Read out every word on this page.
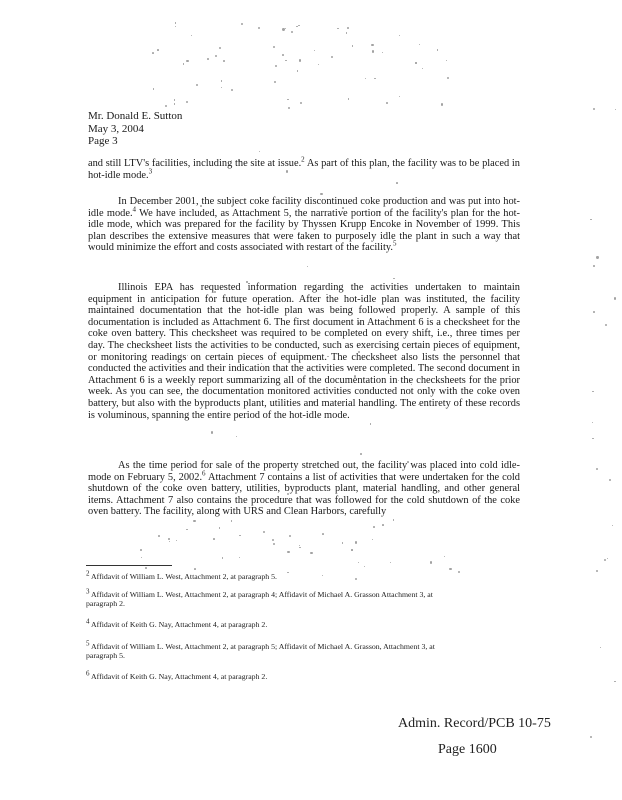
Mr. Donald E. Sutton
May 3, 2004
Page 3

and still LTV's facilities, including the site at issue.$^2$ As part of this plan, the facility was to be placed in hot-idle mode.$^3$

In December 2001, the subject coke facility discontinued coke production and was put into hot-idle mode.$^4$ We have included, as Attachment 5, the narrative portion of the facility's plan for the hot-idle mode, which was prepared for the facility by Thyssen Krupp Encoke in November of 1999. This plan describes the extensive measures that were taken to purposely idle the plant in such a way that would minimize the effort and costs associated with restart of the facility.$^5$

Illinois EPA has requested information regarding the activities undertaken to maintain equipment in anticipation for future operation. After the hot-idle plan was instituted, the facility maintained documentation that the hot-idle plan was being followed properly. A sample of this documentation is included as Attachment 6. The first document in Attachment 6 is a checksheet for the coke oven battery. This checksheet was required to be completed on every shift, i.e., three times per day. The checksheet lists the activities to be conducted, such as exercising certain pieces of equipment, or monitoring readings on certain pieces of equipment. The checksheet also lists the personnel that conducted the activities and their indication that the activities were completed. The second document in Attachment 6 is a weekly report summarizing all of the documentation in the checksheets for the prior week. As you can see, the documentation monitored activities conducted not only with the coke oven battery, but also with the byproducts plant, utilities and material handling. The entirety of these records is voluminous, spanning the entire period of the hot-idle mode.

As the time period for sale of the property stretched out, the facility was placed into cold idle-mode on February 5, 2002.$^6$ Attachment 7 contains a list of activities that were undertaken for the cold shutdown of the coke oven battery, utilities, byproducts plant, material handling, and other general items. Attachment 7 also contains the procedure that was followed for the cold shutdown of the coke oven battery. The facility, along with URS and Clean Harbors, carefully

$^2$ Affidavit of William L. West, Attachment 2, at paragraph 5.
$^3$ Affidavit of William L. West, Attachment 2, at paragraph 4; Affidavit of Michael A. Grasson Attachment 3, at paragraph 2.
$^4$ Affidavit of Keith G. Nay, Attachment 4, at paragraph 2.
$^5$ Affidavit of William L. West, Attachment 2, at paragraph 5; Affidavit of Michael A. Grasson, Attachment 3, at paragraph 5.
$^6$ Affidavit of Keith G. Nay, Attachment 4, at paragraph 2.
Admin. Record/PCB 10-75
Page 1600
